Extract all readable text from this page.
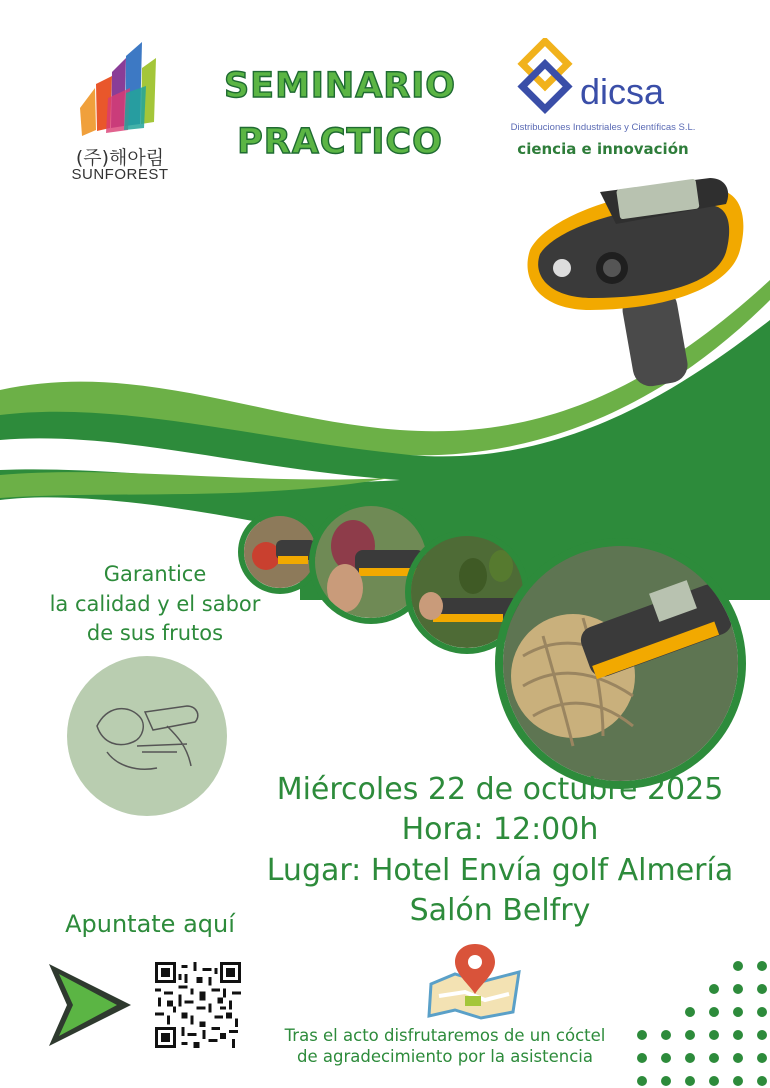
(주)해아림
SUNFOREST
SEMINARIO
PRACTICO
dicsa
Distribuciones Industriales y Científicas S.L.
ciencia e innovación
Garantice
la calidad y el sabor
de sus frutos
Miércoles 22 de octubre 2025
Hora: 12:00h
Lugar: Hotel Envía golf Almería
Salón Belfry
Apuntate aquí
Tras el acto disfrutaremos de un cóctel
de agradecimiento por la asistencia
